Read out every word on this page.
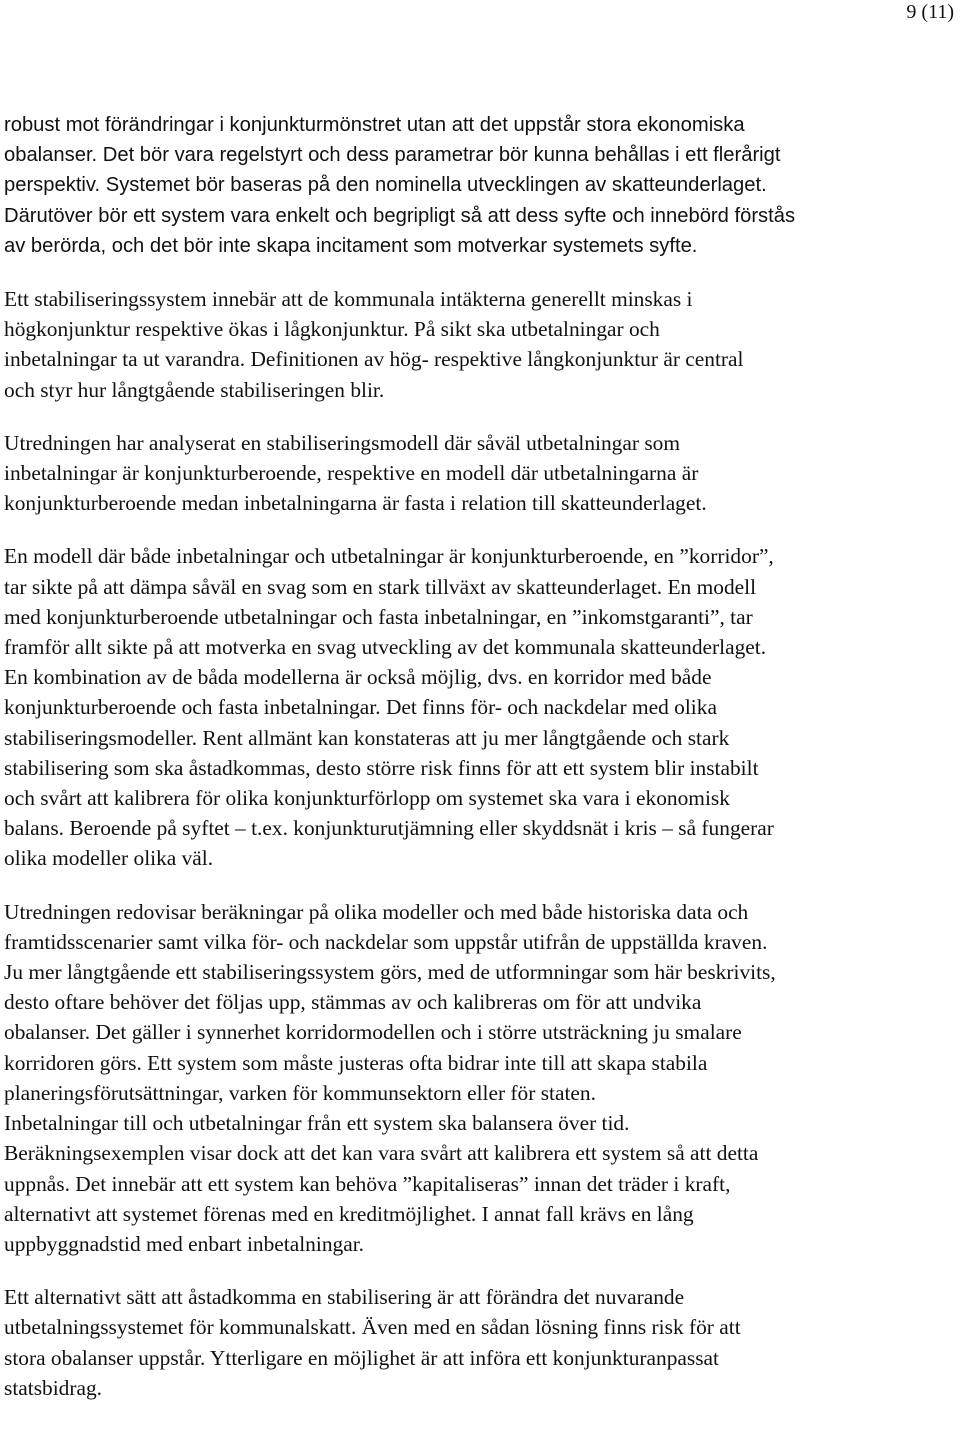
9 (11)

robust mot förändringar i konjunkturmönstret utan att det uppstår stora ekonomiska
obalanser. Det bör vara regelstyrt och dess parametrar bör kunna behållas i ett flerårigt
perspektiv. Systemet bör baseras på den nominella utvecklingen av skatteunderlaget.
Därutöver bör ett system vara enkelt och begripligt så att dess syfte och innebörd förstås
av berörda, och det bör inte skapa incitament som motverkar systemets syfte.

Ett stabiliseringssystem innebär att de kommunala intäkterna generellt minskas i
högkonjunktur respektive ökas i lågkonjunktur. På sikt ska utbetalningar och
inbetalningar ta ut varandra. Definitionen av hög- respektive långkonjunktur är central
och styr hur långtgående stabiliseringen blir.

Utredningen har analyserat en stabiliseringsmodell där såväl utbetalningar som
inbetalningar är konjunkturberoende, respektive en modell där utbetalningarna är
konjunkturberoende medan inbetalningarna är fasta i relation till skatteunderlaget.

En modell där både inbetalningar och utbetalningar är konjunkturberoende, en ”korridor”,
tar sikte på att dämpa såväl en svag som en stark tillväxt av skatteunderlaget. En modell
med konjunkturberoende utbetalningar och fasta inbetalningar, en ”inkomstgaranti”, tar
framför allt sikte på att motverka en svag utveckling av det kommunala skatteunderlaget.
En kombination av de båda modellerna är också möjlig, dvs. en korridor med både
konjunkturberoende och fasta inbetalningar. Det finns för- och nackdelar med olika
stabiliseringsmodeller. Rent allmänt kan konstateras att ju mer långtgående och stark
stabilisering som ska åstadkommas, desto större risk finns för att ett system blir instabilt
och svårt att kalibrera för olika konjunkturförlopp om systemet ska vara i ekonomisk
balans. Beroende på syftet – t.ex. konjunkturutjämning eller skyddsnät i kris – så fungerar
olika modeller olika väl.

Utredningen redovisar beräkningar på olika modeller och med både historiska data och
framtidsscenarier samt vilka för- och nackdelar som uppstår utifrån de uppställda kraven.
Ju mer långtgående ett stabiliseringssystem görs, med de utformningar som här beskrivits,
desto oftare behöver det följas upp, stämmas av och kalibreras om för att undvika
obalanser. Det gäller i synnerhet korridormodellen och i större utsträckning ju smalare
korridoren görs. Ett system som måste justeras ofta bidrar inte till att skapa stabila
planeringsförutsättningar, varken för kommunsektorn eller för staten.
Inbetalningar till och utbetalningar från ett system ska balansera över tid.
Beräkningsexemplen visar dock att det kan vara svårt att kalibrera ett system så att detta
uppnås. Det innebär att ett system kan behöva ”kapitaliseras” innan det träder i kraft,
alternativt att systemet förenas med en kreditmöjlighet. I annat fall krävs en lång
uppbyggnadstid med enbart inbetalningar.

Ett alternativt sätt att åstadkomma en stabilisering är att förändra det nuvarande
utbetalningssystemet för kommunalskatt. Även med en sådan lösning finns risk för att
stora obalanser uppstår. Ytterligare en möjlighet är att införa ett konjunkturanpassat
statsbidrag.
